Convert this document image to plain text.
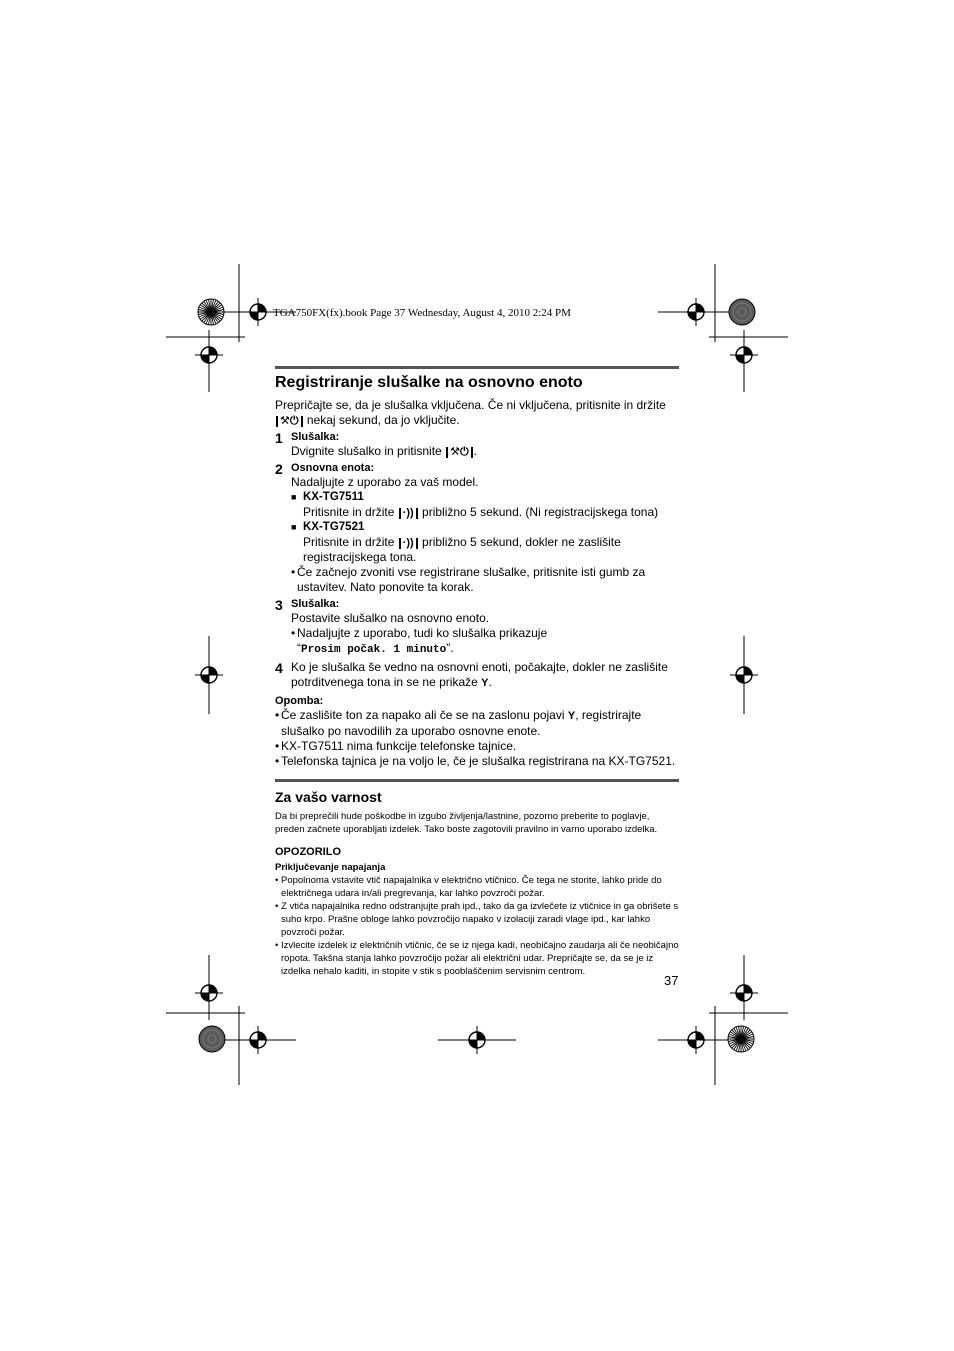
TGA750FX(fx).book Page 37 Wednesday, August 4, 2010 2:24 PM
Registriranje slušalke na osnovno enoto

Prepričajte se, da je slušalka vključena. Če ni vključena, pritisnite in držite
⚒⏻ nekaj sekund, da jo vključite.

1 Slušalka:

Dvignite slušalko in pritisnite ⚒⏻ .

2 Osnovna enota:

Nadaljujte z uporabo za vaš model.

■ KX-TG7511

Pritisnite in držite ·)) približno 5 sekund. (Ni registracijskega tona)

■ KX-TG7521

Pritisnite in držite ·)) približno 5 sekund, dokler ne zaslišite registracijskega tona.

• Če začnejo zvoniti vse registrirane slušalke, pritisnite isti gumb za ustavitev. Nato ponovite ta korak.
3 Slušalka:

Postavite slušalko na osnovno enoto.

• Nadaljujte z uporabo, tudi ko slušalka prikazuje
“Prosim počak. 1 minuto”.
4 Ko je slušalka še vedno na osnovni enoti, počakajte, dokler ne zaslišite potrditvenega tona in se ne prikaže Y.

Opomba:
• Če zaslišite ton za napako ali če se na zaslonu pojavi Y, registrirajte slušalko po navodilih za uporabo osnovne enote.
• KX-TG7511 nima funkcije telefonske tajnice.
• Telefonska tajnica je na voljo le, če je slušalka registrirana na KX-TG7521.
Za vašo varnost

Da bi preprečili hude poškodbe in izgubo življenja/lastnine, pozorno preberite to poglavje, preden začnete uporabljati izdelek. Tako boste zagotovili pravilno in varno uporabo izdelka.

OPOZORILO
Priključevanje napajanja
• Popolnoma vstavite vtič napajalnika v električno vtičnico. Če tega ne storite, lahko pride do električnega udara in/ali pregrevanja, kar lahko povzroči požar.
• Z vtiča napajalnika redno odstranjujte prah ipd., tako da ga izvlečete iz vtičnice in ga obrišete s suho krpo. Prašne obloge lahko povzročijo napako v izolaciji zaradi vlage ipd., kar lahko povzroči požar.
• Izvlecite izdelek iz električnih vtičnic, če se iz njega kadi, neobičajno zaudarja ali če neobičajno ropota. Takšna stanja lahko povzročijo požar ali električni udar. Prepričajte se, da se je iz izdelka nehalo kaditi, in stopite v stik s pooblaščenim servisnim centrom.
37
